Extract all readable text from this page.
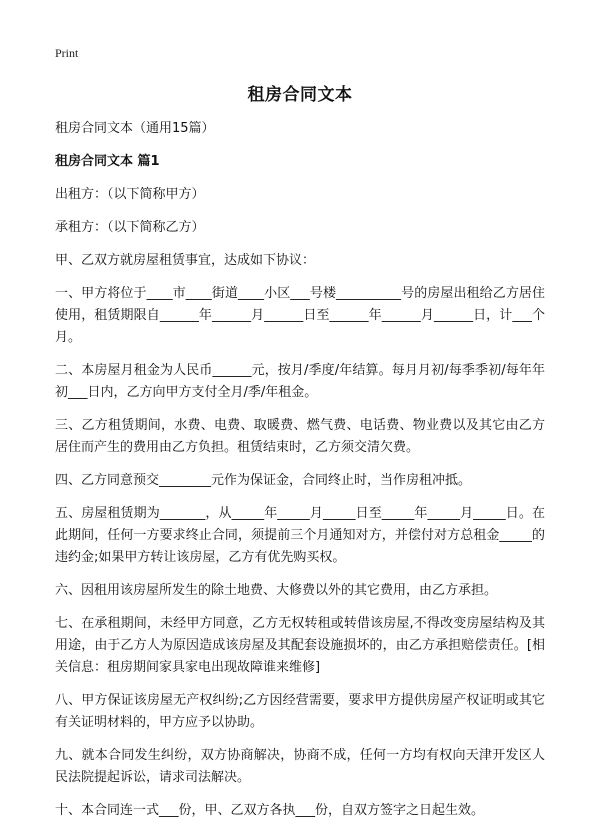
Print
租房合同文本

租房合同文本（通用15篇）

租房合同文本 篇1

出租方：（以下简称甲方）

承租方：（以下简称乙方）

甲、乙双方就房屋租赁事宜，达成如下协议：

一、甲方将位于____市____街道____小区___号楼__________号的房屋出租给乙方居住使用，租赁期限自______年______月______日至______年______月______日，计___个月。

二、本房屋月租金为人民币______元，按月/季度/年结算。每月月初/每季季初/每年年初___日内，乙方向甲方支付全月/季/年租金。

三、乙方租赁期间，水费、电费、取暖费、燃气费、电话费、物业费以及其它由乙方居住而产生的费用由乙方负担。租赁结束时，乙方须交清欠费。

四、乙方同意预交________元作为保证金，合同终止时，当作房租冲抵。

五、房屋租赁期为_______，从_____年_____月_____日至_____年_____月_____日。在此期间，任何一方要求终止合同，须提前三个月通知对方，并偿付对方总租金_____的违约金;如果甲方转让该房屋，乙方有优先购买权。

六、因租用该房屋所发生的除土地费、大修费以外的其它费用，由乙方承担。

七、在承租期间，未经甲方同意，乙方无权转租或转借该房屋,不得改变房屋结构及其用途，由于乙方人为原因造成该房屋及其配套设施损坏的，由乙方承担赔偿责任。[相关信息：租房期间家具家电出现故障谁来维修]

八、甲方保证该房屋无产权纠纷;乙方因经营需要，要求甲方提供房屋产权证明或其它有关证明材料的，甲方应予以协助。

九、就本合同发生纠纷，双方协商解决，协商不成，任何一方均有权向天津开发区人民法院提起诉讼，请求司法解决。

十、本合同连一式___份，甲、乙双方各执___份，自双方签字之日起生效。
